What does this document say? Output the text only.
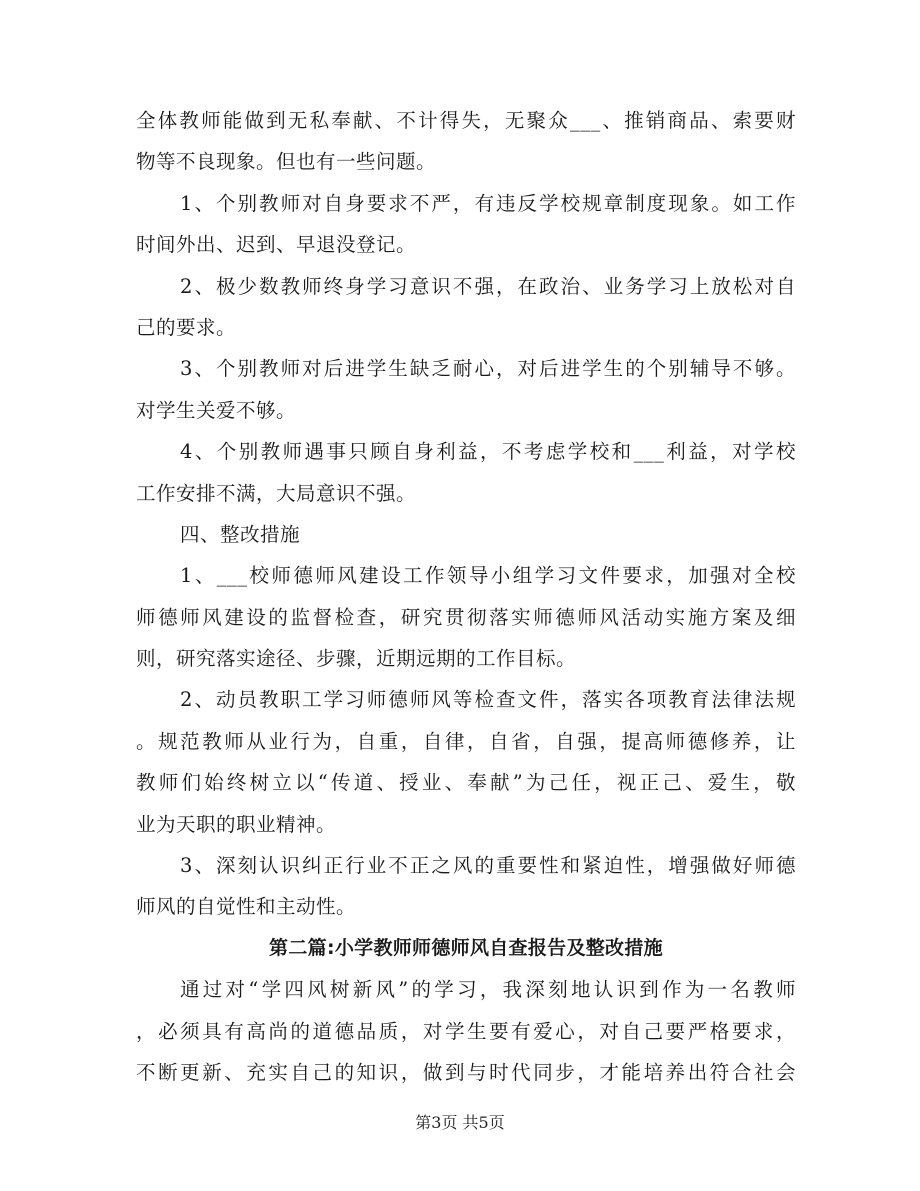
全体教师能做到无私奉献、不计得失，无聚众___、推销商品、索要财
物等不良现象。但也有一些问题。
1、个别教师对自身要求不严，有违反学校规章制度现象。如工作
时间外出、迟到、早退没登记。
2、极少数教师终身学习意识不强，在政治、业务学习上放松对自
己的要求。
3、个别教师对后进学生缺乏耐心，对后进学生的个别辅导不够。
对学生关爱不够。
4、个别教师遇事只顾自身利益，不考虑学校和___利益，对学校
工作安排不满，大局意识不强。
四、整改措施
1、___校师德师风建设工作领导小组学习文件要求，加强对全校
师德师风建设的监督检查，研究贯彻落实师德师风活动实施方案及细
则，研究落实途径、步骤，近期远期的工作目标。
2、动员教职工学习师德师风等检查文件，落实各项教育法律法规
。规范教师从业行为，自重，自律，自省，自强，提高师德修养，让
教师们始终树立以“传道、授业、奉献”为己任，视正己、爱生，敬
业为天职的职业精神。
3、深刻认识纠正行业不正之风的重要性和紧迫性，增强做好师德
师风的自觉性和主动性。
第二篇:小学教师师德师风自查报告及整改措施
通过对“学四风树新风”的学习，我深刻地认识到作为一名教师
，必须具有高尚的道德品质，对学生要有爱心，对自己要严格要求，
不断更新、充实自己的知识，做到与时代同步，才能培养出符合社会
第3页 共5页
